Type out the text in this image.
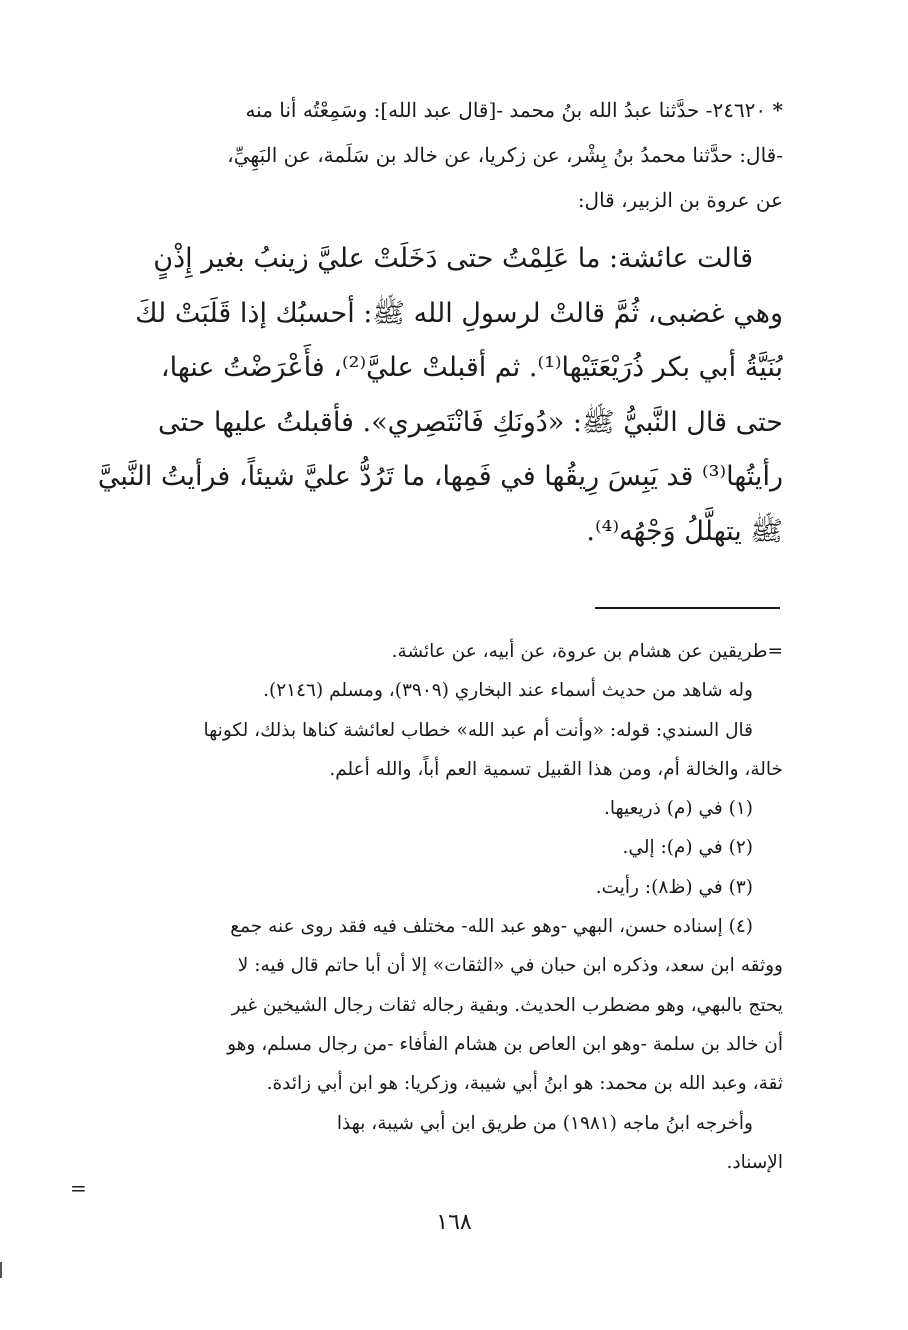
* ٢٤٦٢٠- حدَّثنا عبدُ الله بنُ محمد -[قال عبد الله]: وسَمِعْتُه أنا منه
-قال: حدَّثنا محمدُ بنُ بِشْر، عن زكريا، عن خالد بن سَلَمة، عن البَهِيِّ،
عن عروة بن الزبير، قال:
قالت عائشة: ما عَلِمْتُ حتى دَخَلَتْ عليَّ زينبُ بغير إِذْنٍ
وهي غضبى، ثُمَّ قالتْ لرسولِ الله ﷺ: أحسبُك إذا قَلَبَتْ لكَ
بُنَيَّةُ أبي بكر ذُرَيْعَتَيْها⁽¹⁾. ثم أقبلتْ عليَّ⁽²⁾، فأَعْرَضْتُ عنها،
حتى قال النَّبيُّ ﷺ: «دُونَكِ فَانْتَصِري». فأقبلتُ عليها حتى
رأيتُها⁽³⁾ قد يَبِسَ رِيقُها في فَمِها، ما تَرُدُّ عليَّ شيئاً، فرأيتُ النَّبيَّ
ﷺ يتهلَّلُ وَجْهُه⁽⁴⁾.
=طريقين عن هشام بن عروة، عن أبيه، عن عائشة.
وله شاهد من حديث أسماء عند البخاري (٣٩٠٩)، ومسلم (٢١٤٦).
قال السندي: قوله: «وأنت أم عبد الله» خطاب لعائشة كناها بذلك، لكونها
خالة، والخالة أم، ومن هذا القبيل تسمية العم أباً، والله أعلم.
(١) في (م) ذريعيها.
(٢) في (م): إلي.
(٣) في (ظ٨): رأيت.
(٤) إسناده حسن، البهي -وهو عبد الله- مختلف فيه فقد روى عنه جمع
ووثقه ابن سعد، وذكره ابن حبان في «الثقات» إلا أن أبا حاتم قال فيه: لا
يحتج بالبهي، وهو مضطرب الحديث. وبقية رجاله ثقات رجال الشيخين غير
أن خالد بن سلمة -وهو ابن العاص بن هشام الفأفاء -من رجال مسلم، وهو
ثقة، وعبد الله بن محمد: هو ابنُ أبي شيبة، وزكريا: هو ابن أبي زائدة.
وأخرجه ابنُ ماجه (١٩٨١) من طريق ابن أبي شيبة، بهذا
الإسناد.
=
١٦٨
